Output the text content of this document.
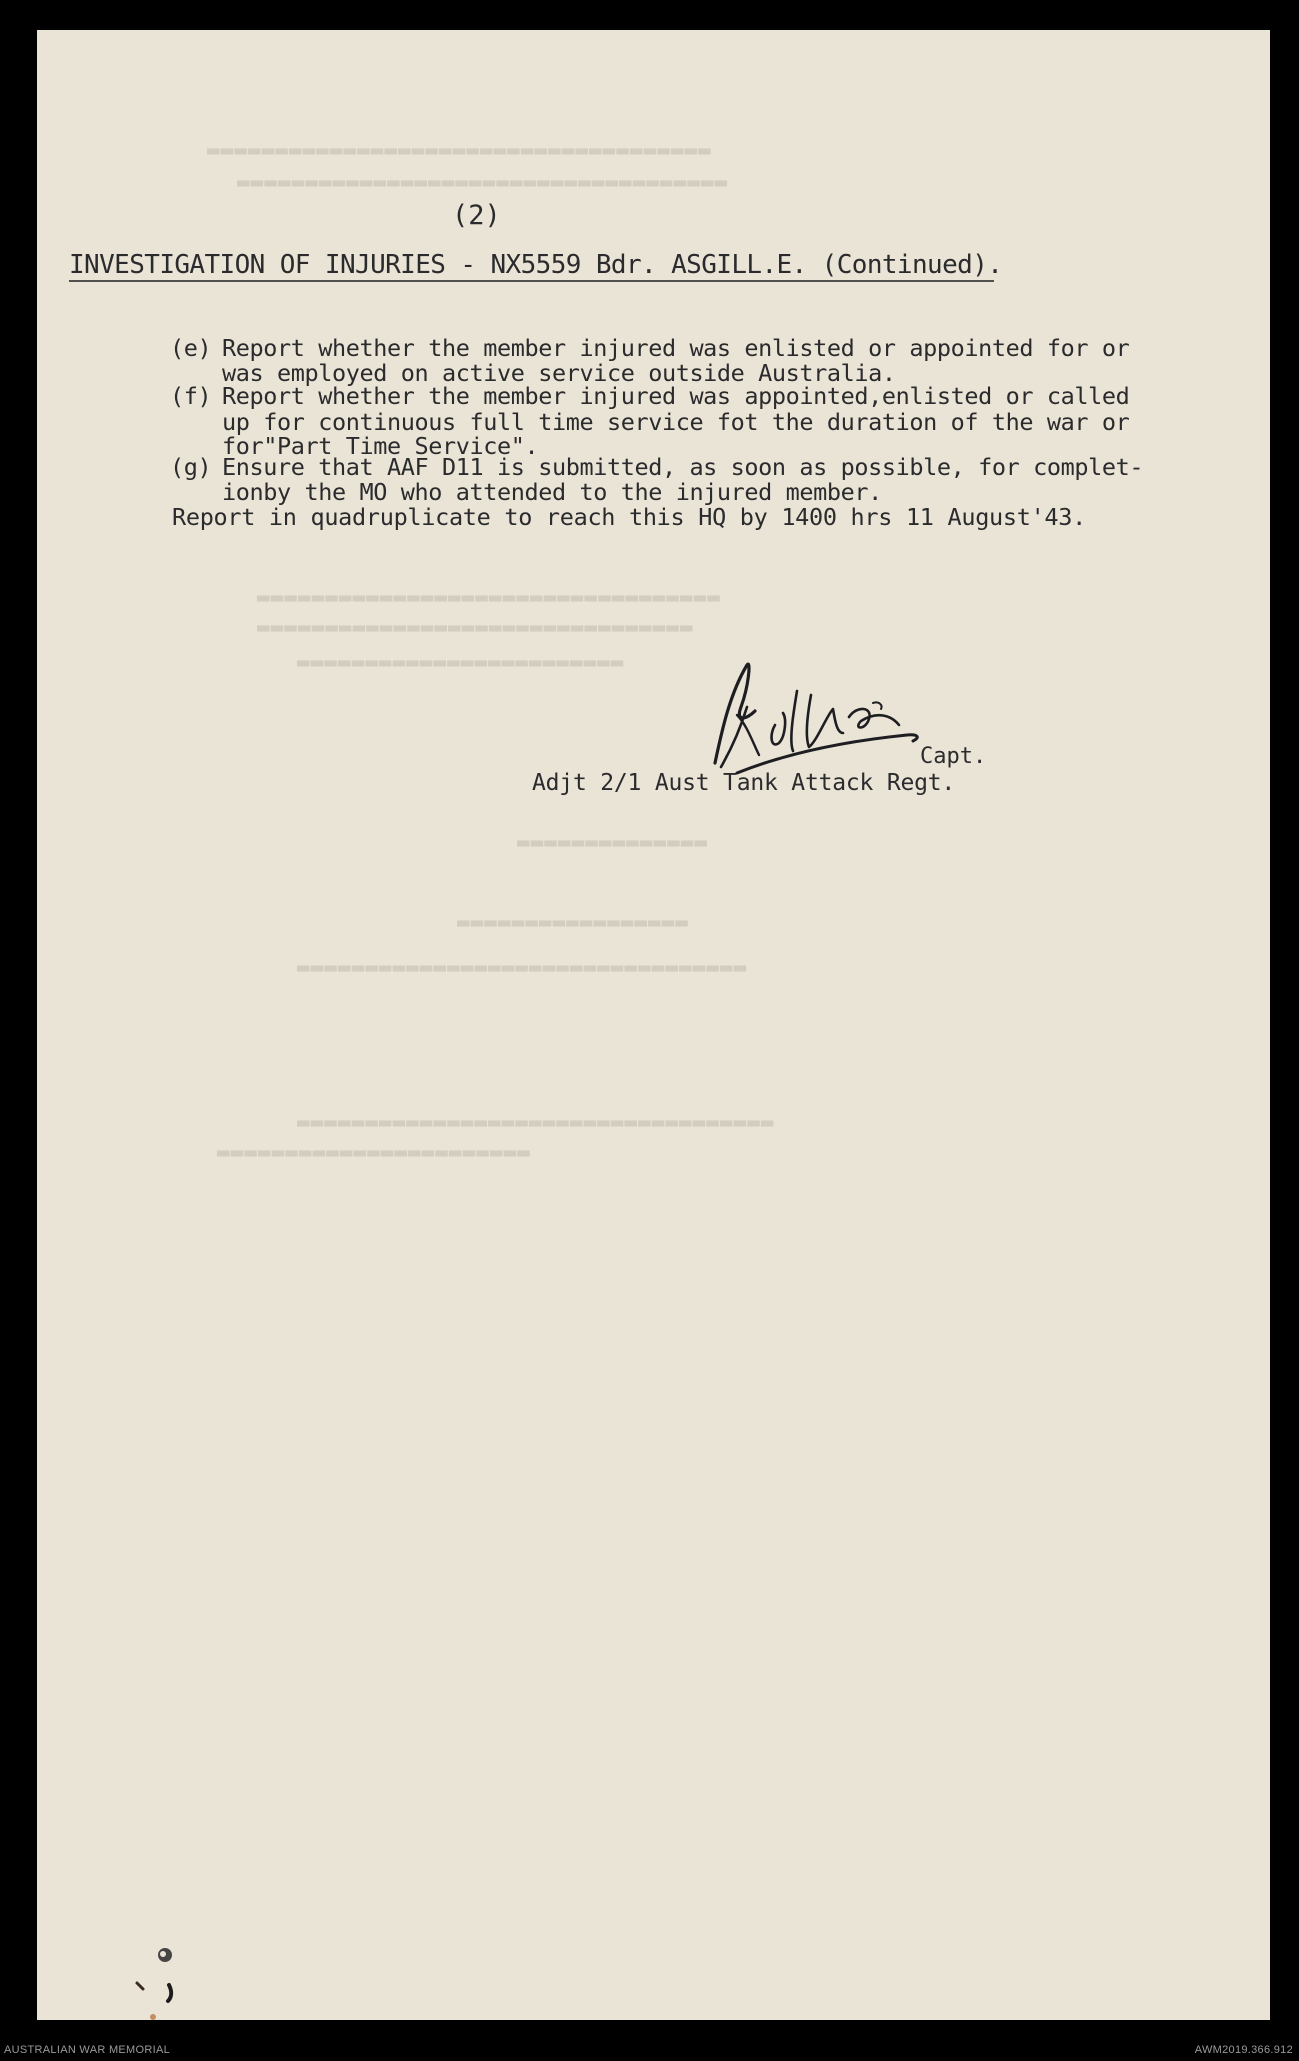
▬▬▬▬▬▬▬▬▬▬▬▬▬▬▬▬▬▬▬▬▬▬▬▬▬▬▬▬▬▬▬▬▬▬▬▬▬
▬▬▬▬▬▬▬▬▬▬▬▬▬▬▬▬▬▬▬▬▬▬▬▬▬▬▬▬▬▬▬▬▬▬▬▬
▬▬▬▬▬▬▬▬▬▬▬▬▬▬▬▬▬▬▬▬▬▬▬▬▬▬▬▬▬▬▬▬▬▬
▬▬▬▬▬▬▬▬▬▬▬▬▬▬▬▬▬▬▬▬▬▬▬▬▬▬▬▬▬▬▬▬
▬▬▬▬▬▬▬▬▬▬▬▬▬▬▬▬▬▬▬▬▬▬▬▬
▬▬▬▬▬▬▬▬▬▬▬▬▬▬
▬▬▬▬▬▬▬▬▬▬▬▬▬▬▬▬▬
▬▬▬▬▬▬▬▬▬▬▬▬▬▬▬▬▬▬▬▬▬▬▬▬▬▬▬▬▬▬▬▬▬
▬▬▬▬▬▬▬▬▬▬▬▬▬▬▬▬▬▬▬▬▬▬▬▬▬▬▬▬▬▬▬▬▬▬▬
▬▬▬▬▬▬▬▬▬▬▬▬▬▬▬▬▬▬▬▬▬▬▬
(2)
INVESTIGATION OF INJURIES - NX5559 Bdr. ASGILL.E. (Continued).
(e) Report whether the member injured was enlisted or appointed for or
was employed on active service outside Australia.
(f) Report whether the member injured was appointed,enlisted or called
up for continuous full time service fot the duration of the war or
for"Part Time Service".
(g) Ensure that AAF D11 is submitted, as soon as possible, for complet-
ionby the MO who attended to the injured member.
Report in quadruplicate to reach this HQ by 1400 hrs 11 August'43.
Capt.
Adjt 2/1 Aust Tank Attack Regt.
AUSTRALIAN WAR MEMORIAL	AWM2019.366.912
